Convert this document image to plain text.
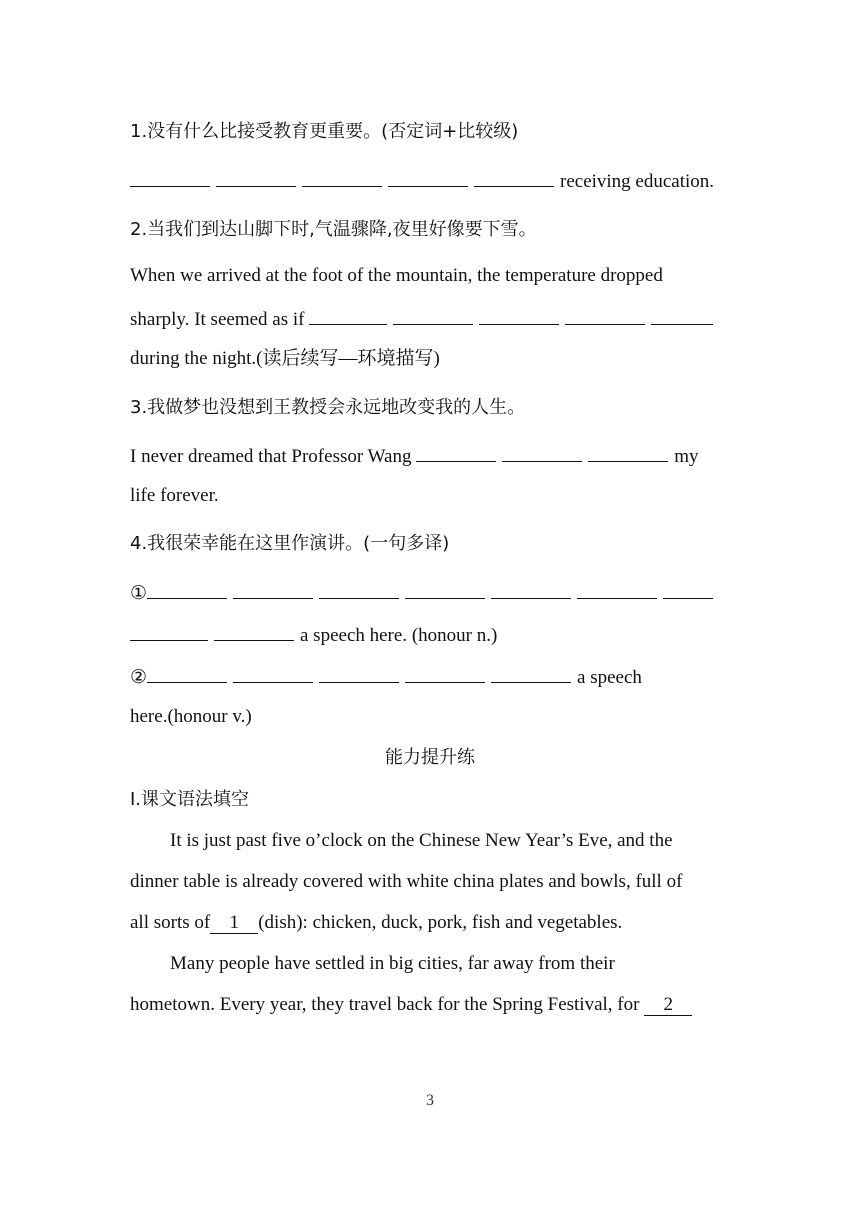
1.没有什么比接受教育更重要。(否定词+比较级)
receiving education.
2.当我们到达山脚下时,气温骤降,夜里好像要下雪。
When we arrived at the foot of the mountain, the temperature dropped
sharply. It seemed as if
during the night.(读后续写—环境描写)
3.我做梦也没想到王教授会永远地改变我的人生。
I never dreamed that Professor Wang	my
life forever.
4.我很荣幸能在这里作演讲。(一句多译)
①
a speech here. (honour n.)
②	a speech
here.(honour v.)
能力提升练
Ⅰ.课文语法填空
It is just past five o’clock on the Chinese New Year’s Eve, and the
dinner table is already covered with white china plates and bowls, full of
all sorts of 1 (dish): chicken, duck, pork, fish and vegetables.
Many people have settled in big cities, far away from their
hometown. Every year, they travel back for the Spring Festival, for 2
3
